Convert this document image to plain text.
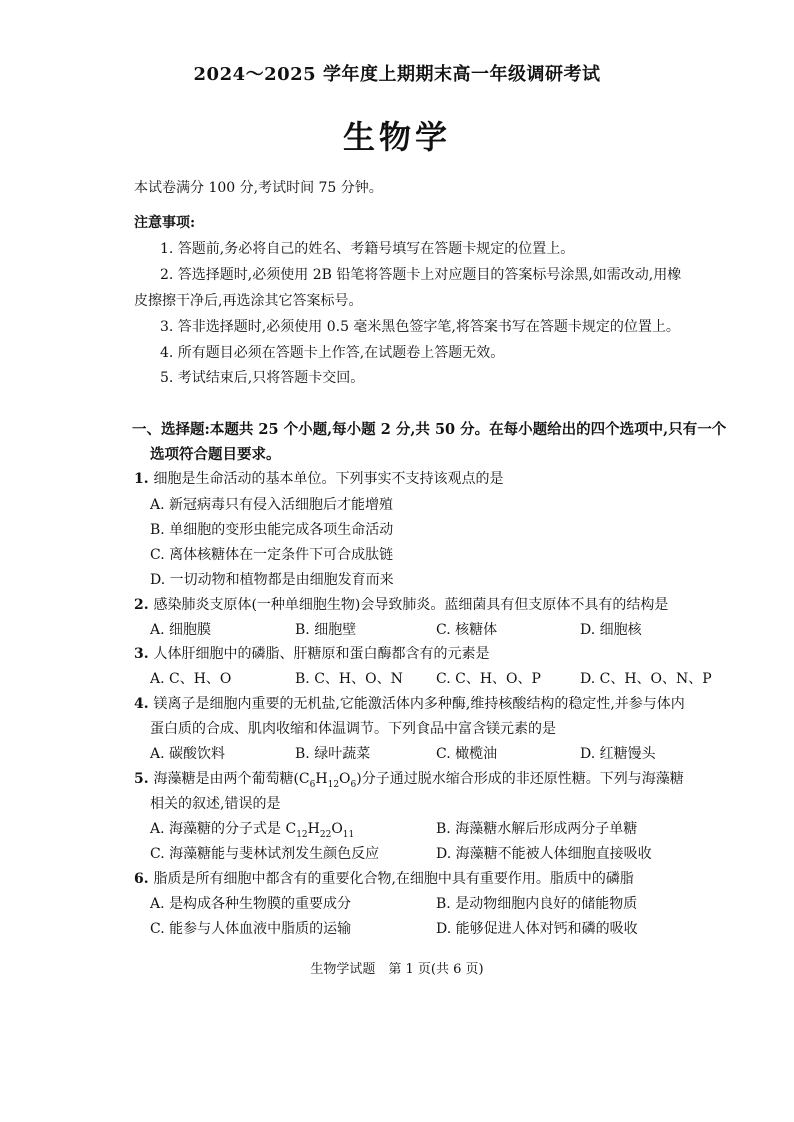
2024～2025 学年度上期期末高一年级调研考试
生物学
本试卷满分 100 分,考试时间 75 分钟。
注意事项:
1. 答题前,务必将自己的姓名、考籍号填写在答题卡规定的位置上。
2. 答选择题时,必须使用 2B 铅笔将答题卡上对应题目的答案标号涂黑,如需改动,用橡
皮擦擦干净后,再选涂其它答案标号。
3. 答非选择题时,必须使用 0.5 毫米黑色签字笔,将答案书写在答题卡规定的位置上。
4. 所有题目必须在答题卡上作答,在试题卷上答题无效。
5. 考试结束后,只将答题卡交回。
一、选择题:本题共 25 个小题,每小题 2 分,共 50 分。在每小题给出的四个选项中,只有一个
选项符合题目要求。
1. 细胞是生命活动的基本单位。下列事实不支持该观点的是
A. 新冠病毒只有侵入活细胞后才能增殖
B. 单细胞的变形虫能完成各项生命活动
C. 离体核糖体在一定条件下可合成肽链
D. 一切动物和植物都是由细胞发育而来
2. 感染肺炎支原体(一种单细胞生物)会导致肺炎。蓝细菌具有但支原体不具有的结构是
A. 细胞膜	B. 细胞壁	C. 核糖体	D. 细胞核
3. 人体肝细胞中的磷脂、肝糖原和蛋白酶都含有的元素是
A. C、H、O	B. C、H、O、N C. C、H、O、P	D. C、H、O、N、P
4. 镁离子是细胞内重要的无机盐,它能激活体内多种酶,维持核酸结构的稳定性,并参与体内
蛋白质的合成、肌肉收缩和体温调节。下列食品中富含镁元素的是
A. 碳酸饮料	B. 绿叶蔬菜	C. 橄榄油	D. 红糖馒头
5. 海藻糖是由两个葡萄糖$(C_6H_{12}O_6)$分子通过脱水缩合形成的非还原性糖。下列与海藻糖
相关的叙述,错误的是
A. 海藻糖的分子式是 $C_{12}H_{22}O_{11}$	B. 海藻糖水解后形成两分子单糖
C. 海藻糖能与斐林试剂发生颜色反应	D. 海藻糖不能被人体细胞直接吸收
6. 脂质是所有细胞中都含有的重要化合物,在细胞中具有重要作用。脂质中的磷脂
A. 是构成各种生物膜的重要成分	B. 是动物细胞内良好的储能物质
C. 能参与人体血液中脂质的运输	D. 能够促进人体对钙和磷的吸收
生物学试题　第 1 页(共 6 页)
